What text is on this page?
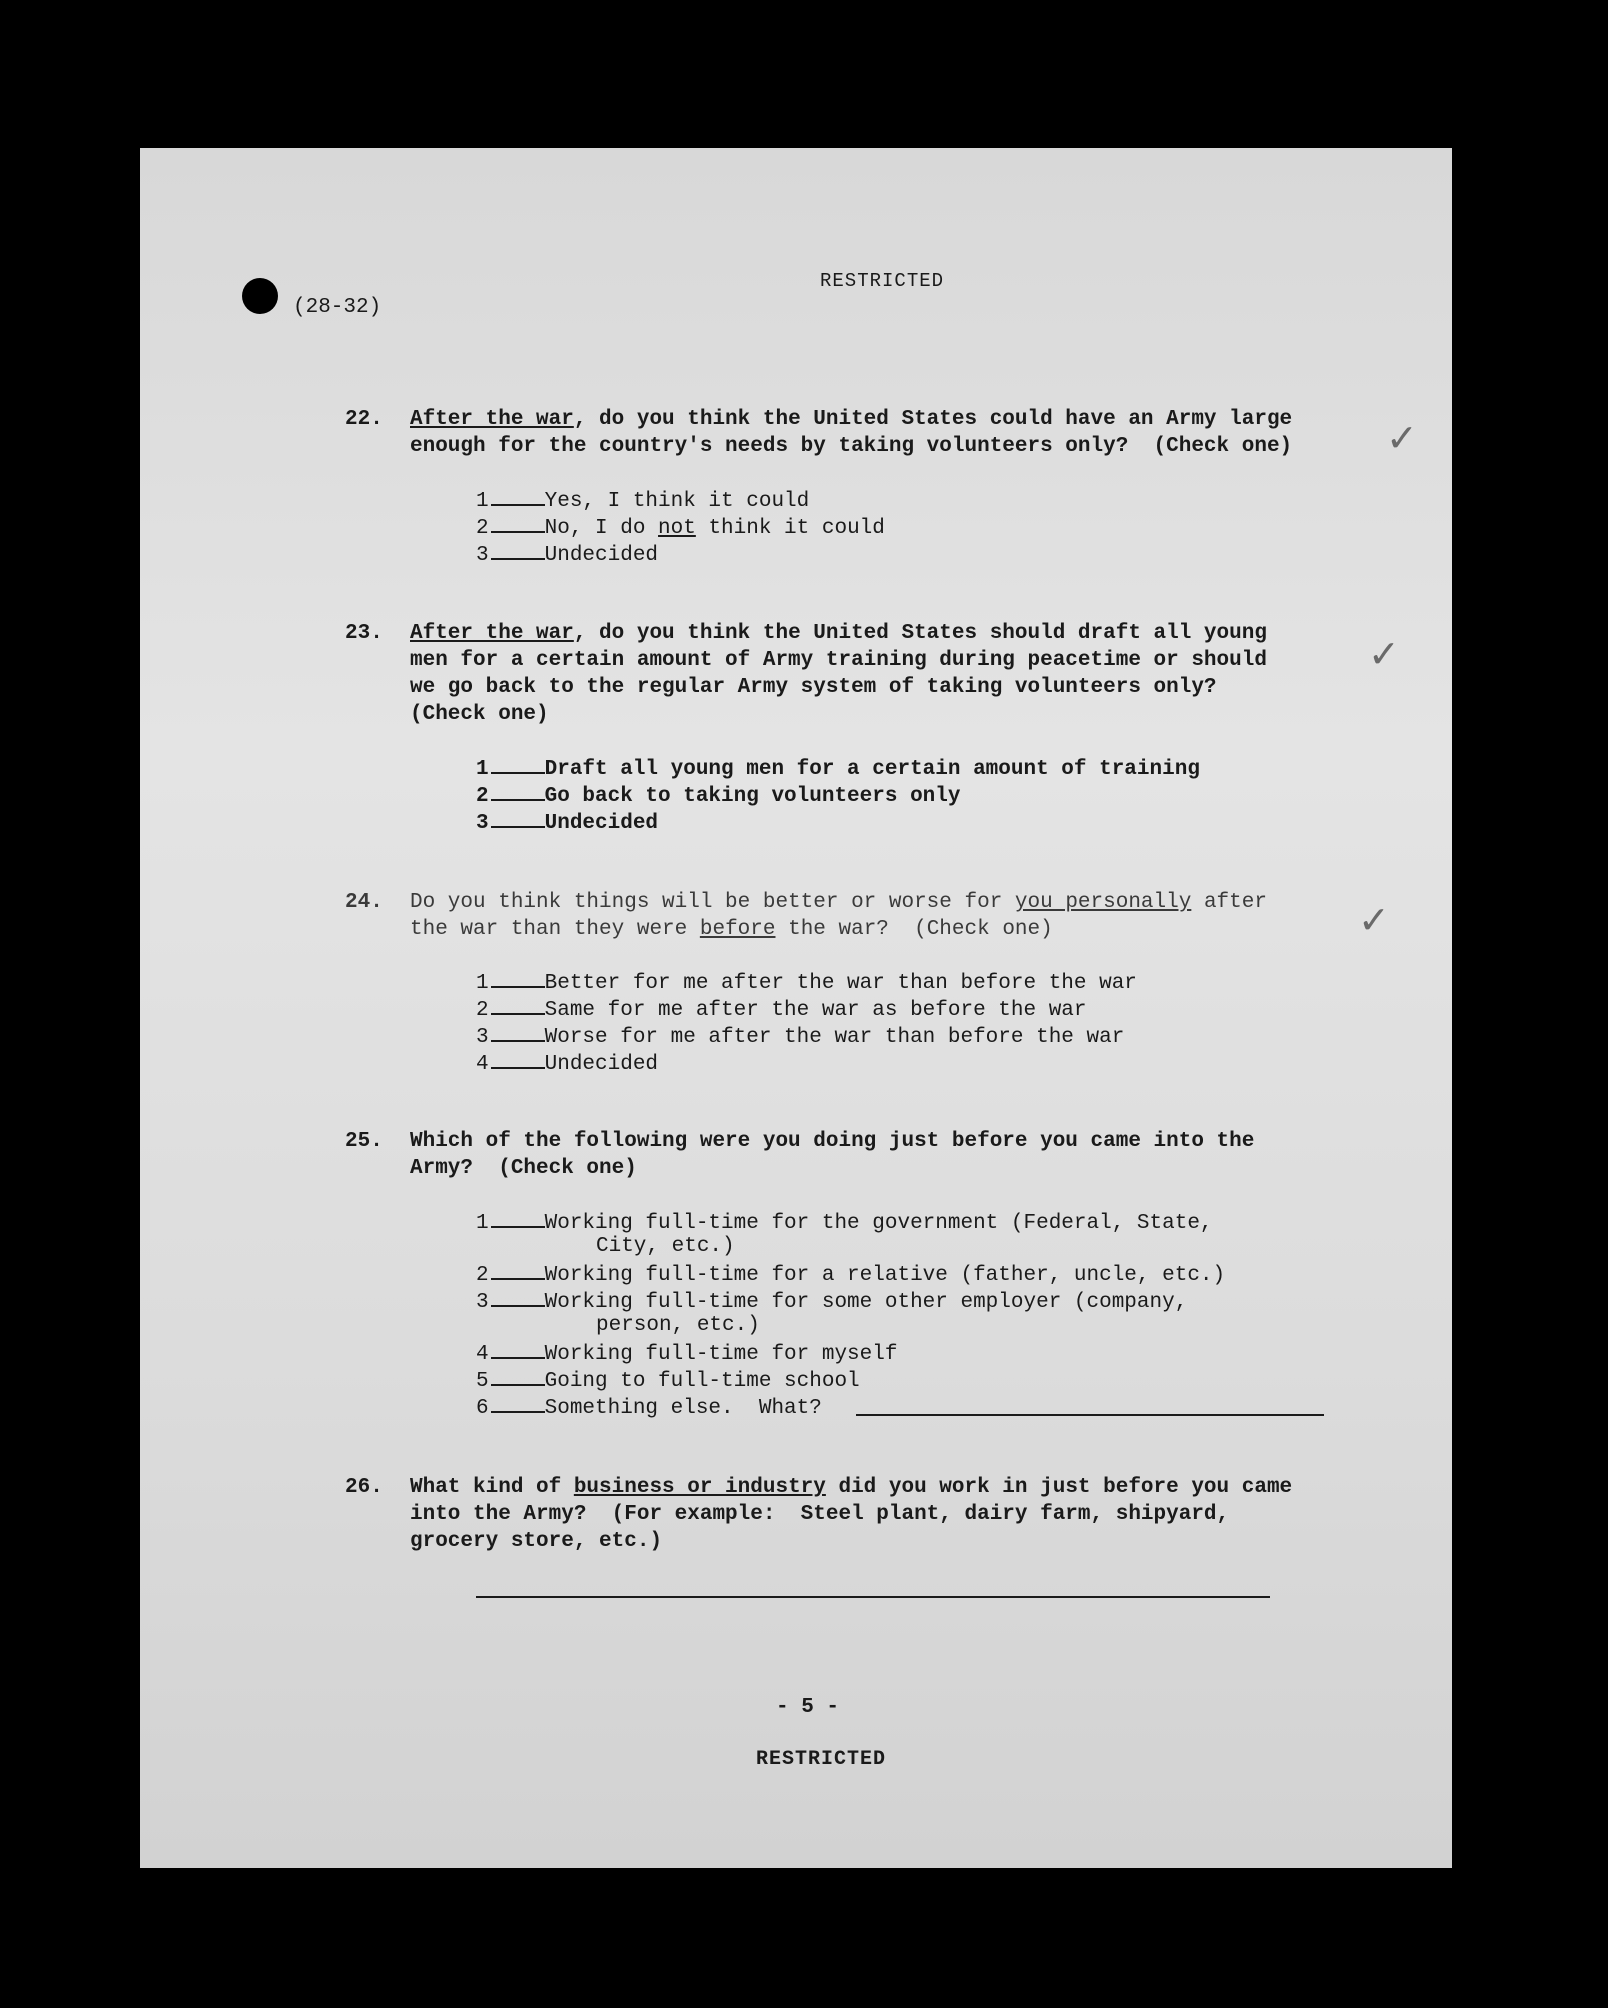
(28-32)
RESTRICTED
22. After the war, do you think the United States could have an Army large
enough for the country's needs by taking volunteers only?  (Check one)
1	Yes, I think it could
2	No, I do not think it could
3	Undecided
✓
23. After the war, do you think the United States should draft all young
men for a certain amount of Army training during peacetime or should
we go back to the regular Army system of taking volunteers only?
(Check one)
1	Draft all young men for a certain amount of training
2	Go back to taking volunteers only
3	Undecided
✓
24. Do you think things will be better or worse for you personally after
the war than they were before the war?  (Check one)
1	Better for me after the war than before the war
2	Same for me after the war as before the war
3	Worse for me after the war than before the war
4	Undecided
✓
25. Which of the following were you doing just before you came into the
Army?  (Check one)
1	Working full-time for the government (Federal, State,
City, etc.)
2	Working full-time for a relative (father, uncle, etc.)
3	Working full-time for some other employer (company,
person, etc.)
4	Working full-time for myself
5	Going to full-time school
6	Something else.  What?
26. What kind of business or industry did you work in just before you came
into the Army?  (For example:  Steel plant, dairy farm, shipyard,
grocery store, etc.)
- 5 -
RESTRICTED
